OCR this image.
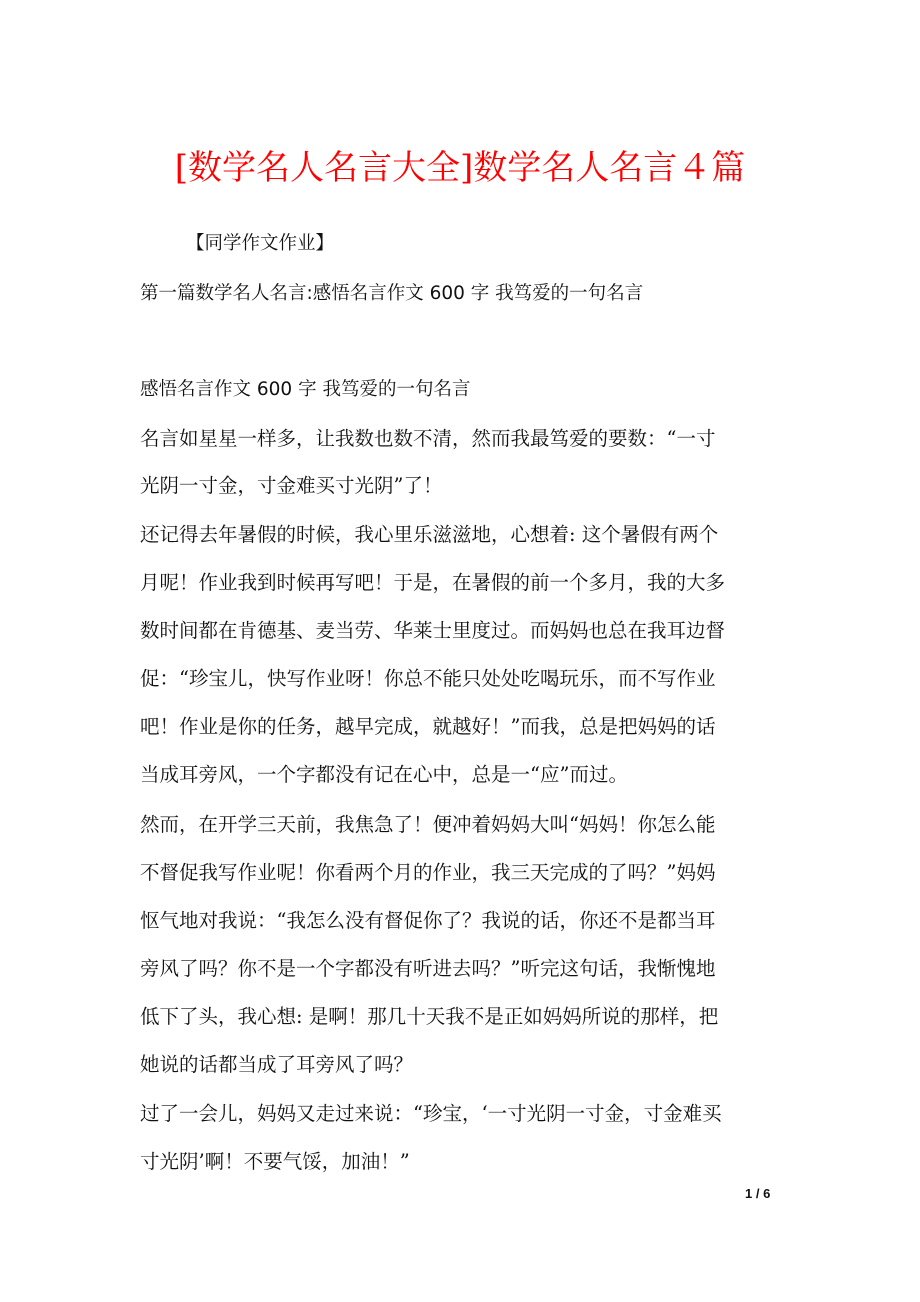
[数学名人名言大全]数学名人名言４篇
【同学作文作业】
第一篇数学名人名言:感悟名言作文 600 字 我笃爱的一句名言
感悟名言作文 600 字 我笃爱的一句名言
名言如星星一样多，让我数也数不清，然而我最笃爱的要数：“一寸
光阴一寸金，寸金难买寸光阴”了！
还记得去年暑假的时候，我心里乐滋滋地，心想着: 这个暑假有两个
月呢！作业我到时候再写吧！于是，在暑假的前一个多月，我的大多
数时间都在肯德基、麦当劳、华莱士里度过。而妈妈也总在我耳边督
促：“珍宝儿，快写作业呀！你总不能只处处吃喝玩乐，而不写作业
吧！作业是你的任务，越早完成，就越好！”而我，总是把妈妈的话
当成耳旁风，一个字都没有记在心中，总是一“应”而过。
然而，在开学三天前，我焦急了！便冲着妈妈大叫“妈妈！你怎么能
不督促我写作业呢！你看两个月的作业，我三天完成的了吗？”妈妈
怄气地对我说：“我怎么没有督促你了？我说的话，你还不是都当耳
旁风了吗？你不是一个字都没有听进去吗？”听完这句话，我惭愧地
低下了头，我心想: 是啊！那几十天我不是正如妈妈所说的那样，把
她说的话都当成了耳旁风了吗？
过了一会儿，妈妈又走过来说：“珍宝，‘一寸光阴一寸金，寸金难买
寸光阴’啊！不要气馁，加油！”
1 / 6
